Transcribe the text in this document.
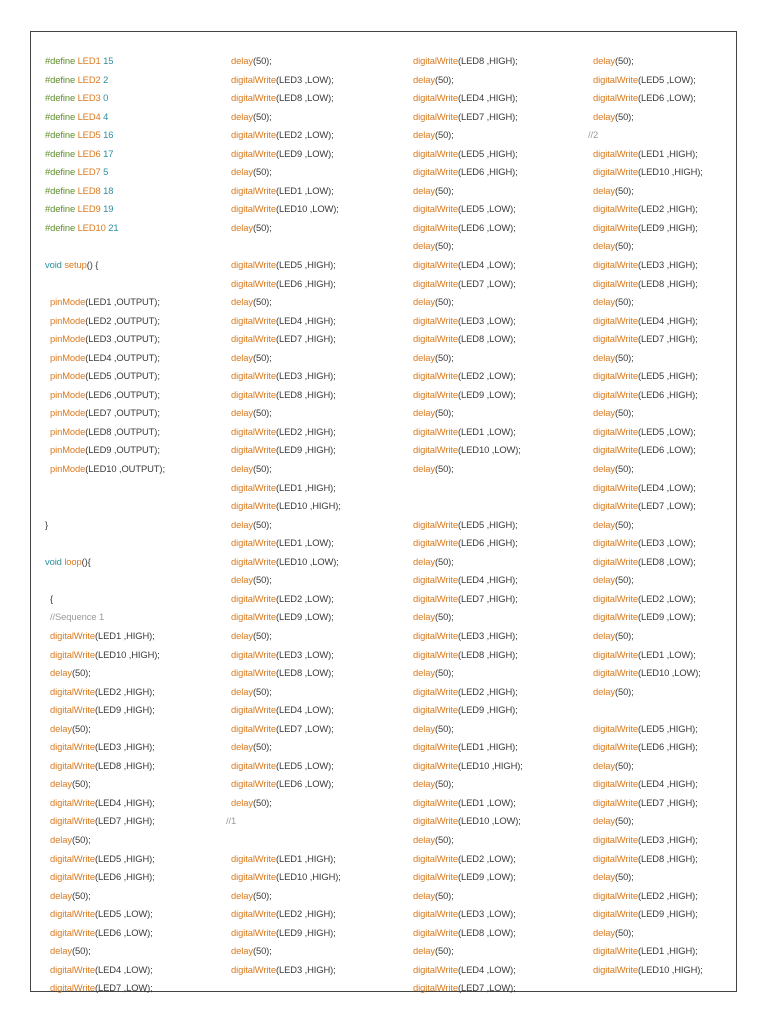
#define LED1 15
#define LED2 2
#define LED3 0
#define LED4 4
#define LED5 16
#define LED6 17
#define LED7 5
#define LED8 18
#define LED9 19
#define LED10 21

void setup() {

pinMode(LED1 ,OUTPUT);
pinMode(LED2 ,OUTPUT);
pinMode(LED3 ,OUTPUT);
pinMode(LED4 ,OUTPUT);
pinMode(LED5 ,OUTPUT);
pinMode(LED6 ,OUTPUT);
pinMode(LED7 ,OUTPUT);
pinMode(LED8 ,OUTPUT);
pinMode(LED9 ,OUTPUT);
pinMode(LED10 ,OUTPUT);

}

void loop(){

{
//Sequence 1
digitalWrite(LED1 ,HIGH);
digitalWrite(LED10 ,HIGH);
delay(50);
digitalWrite(LED2 ,HIGH);
digitalWrite(LED9 ,HIGH);
delay(50);
digitalWrite(LED3 ,HIGH);
digitalWrite(LED8 ,HIGH);
delay(50);
digitalWrite(LED4 ,HIGH);
digitalWrite(LED7 ,HIGH);
delay(50);
digitalWrite(LED5 ,HIGH);
digitalWrite(LED6 ,HIGH);
delay(50);
digitalWrite(LED5 ,LOW);
digitalWrite(LED6 ,LOW);
delay(50);
digitalWrite(LED4 ,LOW);
digitalWrite(LED7 ,LOW);
delay(50);
digitalWrite(LED3 ,LOW);
digitalWrite(LED8 ,LOW);
delay(50);
digitalWrite(LED2 ,LOW);
digitalWrite(LED9 ,LOW);
delay(50);
digitalWrite(LED1 ,LOW);
digitalWrite(LED10 ,LOW);
delay(50);

digitalWrite(LED5 ,HIGH);
digitalWrite(LED6 ,HIGH);
delay(50);
digitalWrite(LED4 ,HIGH);
digitalWrite(LED7 ,HIGH);
delay(50);
digitalWrite(LED3 ,HIGH);
digitalWrite(LED8 ,HIGH);
delay(50);
digitalWrite(LED2 ,HIGH);
digitalWrite(LED9 ,HIGH);
delay(50);
digitalWrite(LED1 ,HIGH);
digitalWrite(LED10 ,HIGH);
delay(50);
digitalWrite(LED1 ,LOW);
digitalWrite(LED10 ,LOW);
delay(50);
digitalWrite(LED2 ,LOW);
digitalWrite(LED9 ,LOW);
delay(50);
digitalWrite(LED3 ,LOW);
digitalWrite(LED8 ,LOW);
delay(50);
digitalWrite(LED4 ,LOW);
digitalWrite(LED7 ,LOW);
delay(50);
digitalWrite(LED5 ,LOW);
digitalWrite(LED6 ,LOW);
delay(50);
//1

digitalWrite(LED1 ,HIGH);
digitalWrite(LED10 ,HIGH);
delay(50);
digitalWrite(LED2 ,HIGH);
digitalWrite(LED9 ,HIGH);
delay(50);
digitalWrite(LED3 ,HIGH);
digitalWrite(LED8 ,HIGH);
delay(50);
digitalWrite(LED4 ,HIGH);
digitalWrite(LED7 ,HIGH);
delay(50);
digitalWrite(LED5 ,HIGH);
digitalWrite(LED6 ,HIGH);
delay(50);
digitalWrite(LED5 ,LOW);
digitalWrite(LED6 ,LOW);
delay(50);
digitalWrite(LED4 ,LOW);
digitalWrite(LED7 ,LOW);
delay(50);
digitalWrite(LED3 ,LOW);
digitalWrite(LED8 ,LOW);
delay(50);
digitalWrite(LED2 ,LOW);
digitalWrite(LED9 ,LOW);
delay(50);
digitalWrite(LED1 ,LOW);
digitalWrite(LED10 ,LOW);
delay(50);

digitalWrite(LED5 ,HIGH);
digitalWrite(LED6 ,HIGH);
delay(50);
digitalWrite(LED4 ,HIGH);
digitalWrite(LED7 ,HIGH);
delay(50);
digitalWrite(LED3 ,HIGH);
digitalWrite(LED8 ,HIGH);
delay(50);
digitalWrite(LED2 ,HIGH);
digitalWrite(LED9 ,HIGH);
delay(50);
digitalWrite(LED1 ,HIGH);
digitalWrite(LED10 ,HIGH);
delay(50);
digitalWrite(LED1 ,LOW);
digitalWrite(LED10 ,LOW);
delay(50);
digitalWrite(LED2 ,LOW);
digitalWrite(LED9 ,LOW);
delay(50);
digitalWrite(LED3 ,LOW);
digitalWrite(LED8 ,LOW);
delay(50);
digitalWrite(LED4 ,LOW);
digitalWrite(LED7 ,LOW);
delay(50);
digitalWrite(LED5 ,LOW);
digitalWrite(LED6 ,LOW);
delay(50);
//2
digitalWrite(LED1 ,HIGH);
digitalWrite(LED10 ,HIGH);
delay(50);
digitalWrite(LED2 ,HIGH);
digitalWrite(LED9 ,HIGH);
delay(50);
digitalWrite(LED3 ,HIGH);
digitalWrite(LED8 ,HIGH);
delay(50);
digitalWrite(LED4 ,HIGH);
digitalWrite(LED7 ,HIGH);
delay(50);
digitalWrite(LED5 ,HIGH);
digitalWrite(LED6 ,HIGH);
delay(50);
digitalWrite(LED5 ,LOW);
digitalWrite(LED6 ,LOW);
delay(50);
digitalWrite(LED4 ,LOW);
digitalWrite(LED7 ,LOW);
delay(50);
digitalWrite(LED3 ,LOW);
digitalWrite(LED8 ,LOW);
delay(50);
digitalWrite(LED2 ,LOW);
digitalWrite(LED9 ,LOW);
delay(50);
digitalWrite(LED1 ,LOW);
digitalWrite(LED10 ,LOW);
delay(50);

digitalWrite(LED5 ,HIGH);
digitalWrite(LED6 ,HIGH);
delay(50);
digitalWrite(LED4 ,HIGH);
digitalWrite(LED7 ,HIGH);
delay(50);
digitalWrite(LED3 ,HIGH);
digitalWrite(LED8 ,HIGH);
delay(50);
digitalWrite(LED2 ,HIGH);
digitalWrite(LED9 ,HIGH);
delay(50);
digitalWrite(LED1 ,HIGH);
digitalWrite(LED10 ,HIGH);
